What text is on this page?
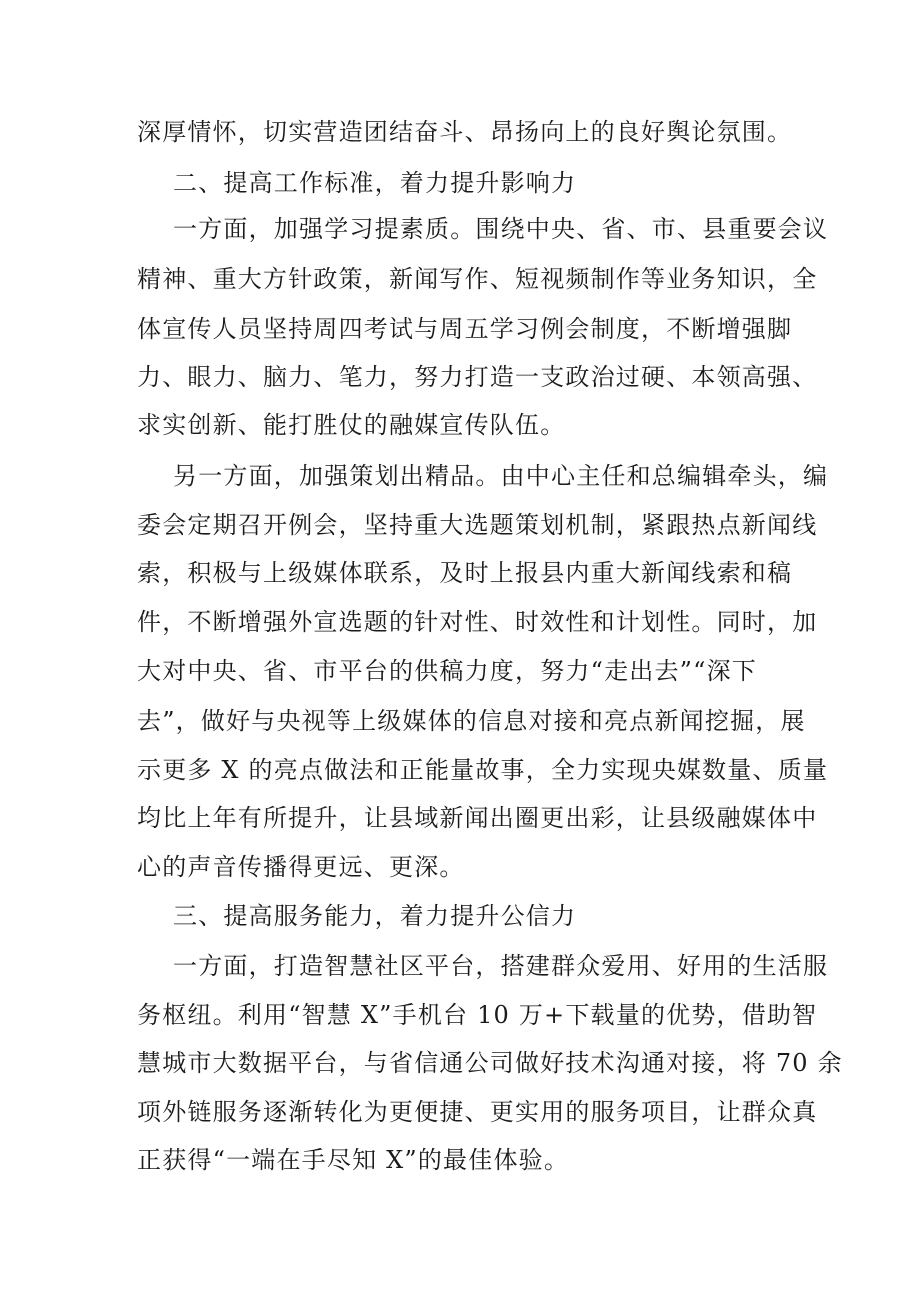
深厚情怀，切实营造团结奋斗、昂扬向上的良好舆论氛围。
二、提高工作标准，着力提升影响力
一方面，加强学习提素质。围绕中央、省、市、县重要会议
精神、重大方针政策，新闻写作、短视频制作等业务知识，全
体宣传人员坚持周四考试与周五学习例会制度，不断增强脚
力、眼力、脑力、笔力，努力打造一支政治过硬、本领高强、
求实创新、能打胜仗的融媒宣传队伍。
另一方面，加强策划出精品。由中心主任和总编辑牵头，编
委会定期召开例会，坚持重大选题策划机制，紧跟热点新闻线
索，积极与上级媒体联系，及时上报县内重大新闻线索和稿
件，不断增强外宣选题的针对性、时效性和计划性。同时，加
大对中央、省、市平台的供稿力度，努力“走出去”“深下
去”，做好与央视等上级媒体的信息对接和亮点新闻挖掘，展
示更多 X 的亮点做法和正能量故事，全力实现央媒数量、质量
均比上年有所提升，让县域新闻出圈更出彩，让县级融媒体中
心的声音传播得更远、更深。
三、提高服务能力，着力提升公信力
一方面，打造智慧社区平台，搭建群众爱用、好用的生活服
务枢纽。利用“智慧 X”手机台 10 万+下载量的优势，借助智
慧城市大数据平台，与省信通公司做好技术沟通对接，将 70 余
项外链服务逐渐转化为更便捷、更实用的服务项目，让群众真
正获得“一端在手尽知 X”的最佳体验。
